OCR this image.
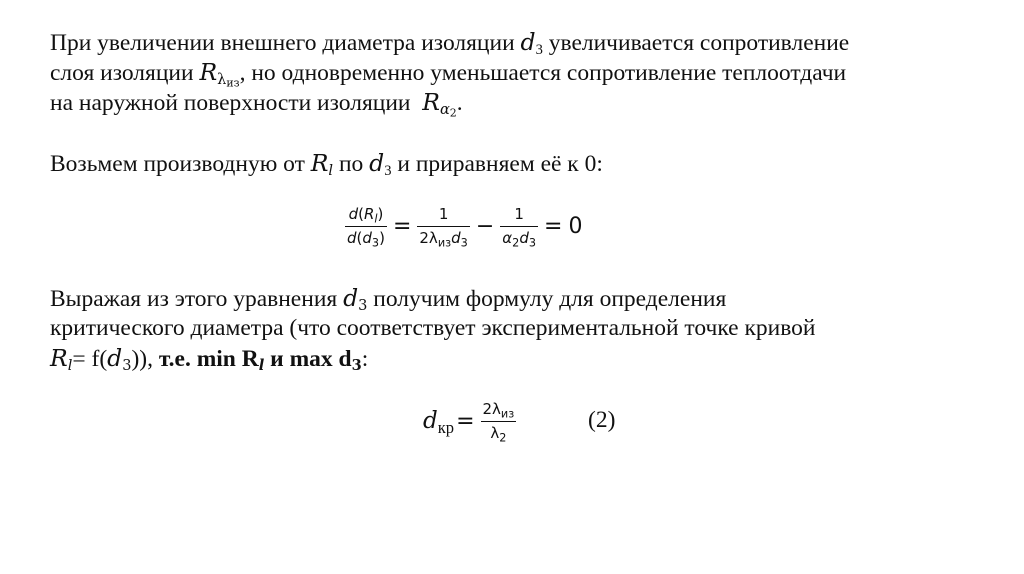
При увеличении внешнего диаметра изоляции $d_3$ увеличивается сопротивление
слоя изоляции $R_{\lambda из}$, но одновременно уменьшается сопротивление теплоотдачи
на наружной поверхности изоляции  $R_{\alpha 2}$.
Возьмем производную от $R_l$ по $d_3$ и приравняем её к 0:
$\frac{d(R_l)}{d(d_3)} = \frac{1}{2\lambda_{из}d_3} - \frac{1}{\alpha_2d_3} = 0$
Выражая из этого уравнения $d_3$ получим формулу для определения
критического диаметра (что соответствует экспериментальной точке кривой
$R_l= f(d_3)$), т.е. $\min R_l$ и $\max d_3$:
$d_{кр} = \frac{2\lambda_{из}}{\lambda_2}$	(2)
